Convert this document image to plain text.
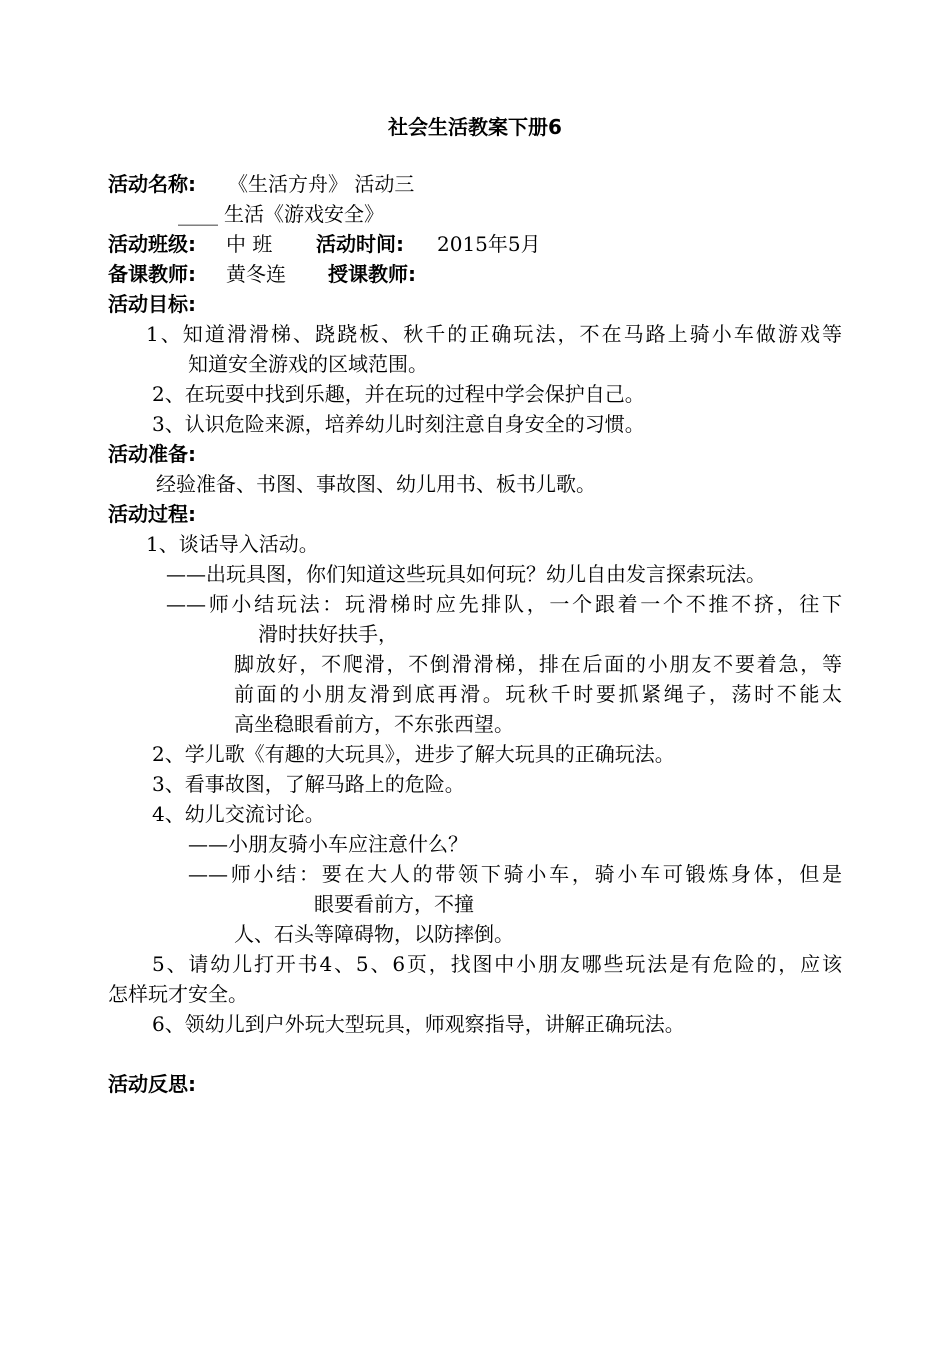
社会生活教案下册6
活动名称: 《生活方舟》 活动三
____ 生活《游戏安全》
活动班级: 中 班 活动时间: 2015年5月
备课教师: 黄冬连 授课教师:
活动目标:
1、知道滑滑梯、跷跷板、秋千的正确玩法，不在马路上骑小车做游戏等
知道安全游戏的区域范围。
2、在玩耍中找到乐趣，并在玩的过程中学会保护自己。
3、认识危险来源，培养幼儿时刻注意自身安全的习惯。
活动准备:
经验准备、书图、事故图、幼儿用书、板书儿歌。
活动过程:
1、谈话导入活动。
——出玩具图，你们知道这些玩具如何玩？幼儿自由发言探索玩法。
——师小结玩法：玩滑梯时应先排队，一个跟着一个不推不挤，往下
滑时扶好扶手，
脚放好，不爬滑，不倒滑滑梯，排在后面的小朋友不要着急，等
前面的小朋友滑到底再滑。玩秋千时要抓紧绳子，荡时不能太
高坐稳眼看前方，不东张西望。
2、学儿歌《有趣的大玩具》，进步了解大玩具的正确玩法。
3、看事故图，了解马路上的危险。
4、幼儿交流讨论。
——小朋友骑小车应注意什么？
——师小结：要在大人的带领下骑小车，骑小车可锻炼身体，但是
眼要看前方，不撞
人、石头等障碍物，以防摔倒。
5、请幼儿打开书4、5、6页，找图中小朋友哪些玩法是有危险的，应该
怎样玩才安全。
6、领幼儿到户外玩大型玩具，师观察指导，讲解正确玩法。
活动反思:
